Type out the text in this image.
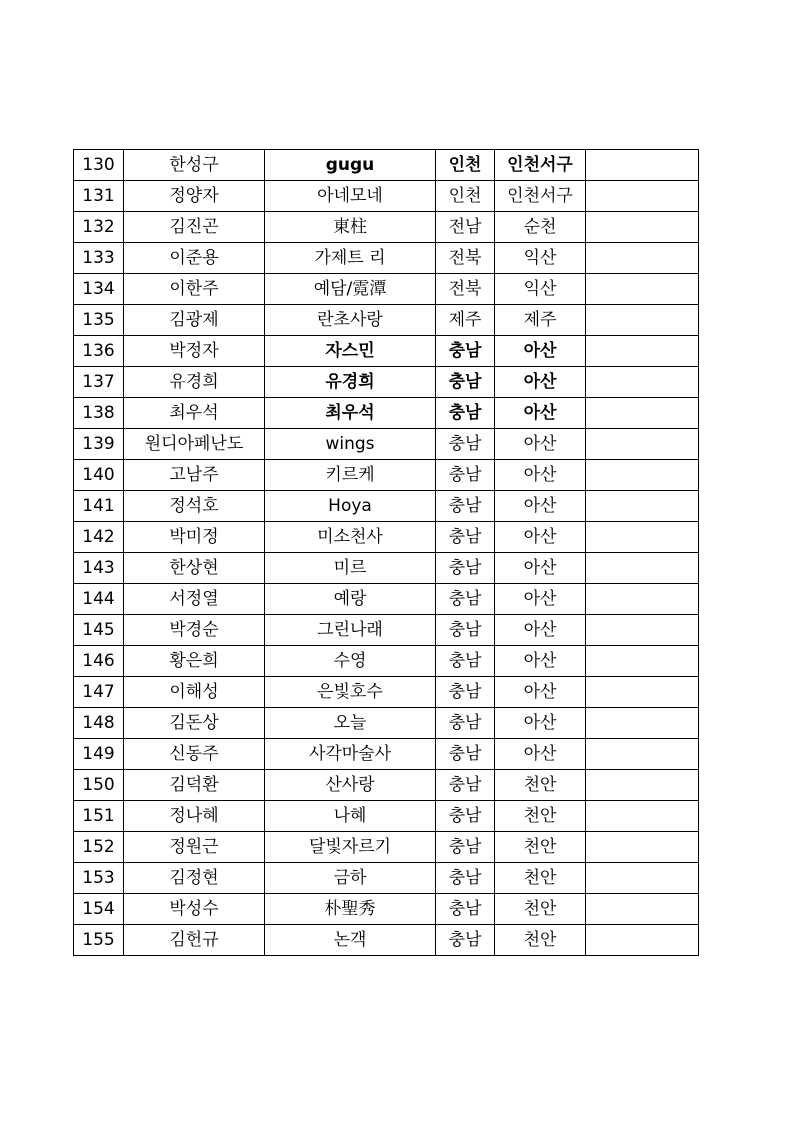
130	한성구	gugu	인천	인천서구	
131	정양자	아네모네	인천	인천서구	
132	김진곤	東柱	전남	순천	
133	이준용	가제트 리	전북	익산	
134	이한주	예담/霓潭	전북	익산	
135	김광제	란초사랑	제주	제주	
136	박정자	자스민	충남	아산	
137	유경희	유경희	충남	아산	
138	최우석	최우석	충남	아산	
139	원디아페난도	wings	충남	아산	
140	고남주	키르케	충남	아산	
141	정석호	Hoya	충남	아산	
142	박미정	미소천사	충남	아산	
143	한상현	미르	충남	아산	
144	서정열	예랑	충남	아산	
145	박경순	그린나래	충남	아산	
146	황은희	수영	충남	아산	
147	이해성	은빛호수	충남	아산	
148	김돈상	오늘	충남	아산	
149	신동주	사각마술사	충남	아산	
150	김덕환	산사랑	충남	천안	
151	정나혜	나혜	충남	천안	
152	정원근	달빛자르기	충남	천안	
153	김정현	금하	충남	천안	
154	박성수	朴聖秀	충남	천안	
155	김헌규	논객	충남	천안	
